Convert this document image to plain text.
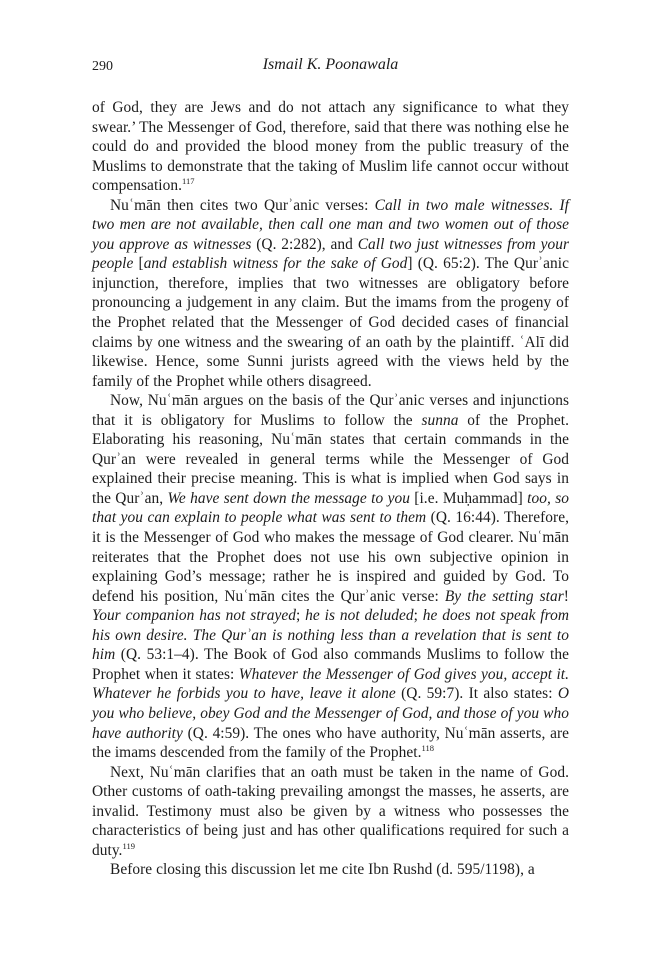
290	Ismail K. Poonawala

of God, they are Jews and do not attach any significance to what they swear.’ The Messenger of God, therefore, said that there was nothing else he could do and provided the blood money from the public treasury of the Muslims to demonstrate that the taking of Muslim life cannot occur without compensation.$^{117}$

Nuʿmān then cites two Qurʾanic verses: Call in two male witnesses. If two men are not available, then call one man and two women out of those you approve as witnesses (Q. 2:282), and Call two just witnesses from your people [and establish witness for the sake of God] (Q. 65:2). The Qurʾanic injunction, therefore, implies that two witnesses are obligatory before pronouncing a judgement in any claim. But the imams from the progeny of the Prophet related that the Messenger of God decided cases of financial claims by one witness and the swearing of an oath by the plaintiff. ʿAlī did likewise. Hence, some Sunni jurists agreed with the views held by the family of the Prophet while others disagreed.

Now, Nuʿmān argues on the basis of the Qurʾanic verses and injunctions that it is obligatory for Muslims to follow the sunna of the Prophet. Elaborating his reasoning, Nuʿmān states that certain commands in the Qurʾan were revealed in general terms while the Messenger of God explained their precise meaning. This is what is implied when God says in the Qurʾan, We have sent down the message to you [i.e. Muḥammad] too, so that you can explain to people what was sent to them (Q. 16:44). Therefore, it is the Messenger of God who makes the message of God clearer. Nuʿmān reiterates that the Prophet does not use his own subjective opinion in explaining God’s message; rather he is inspired and guided by God. To defend his position, Nuʿmān cites the Qurʾanic verse: By the setting star! Your companion has not strayed; he is not deluded; he does not speak from his own desire. The Qurʾan is nothing less than a revelation that is sent to him (Q. 53:1–4). The Book of God also commands Muslims to follow the Prophet when it states: Whatever the Messenger of God gives you, accept it. Whatever he forbids you to have, leave it alone (Q. 59:7). It also states: O you who believe, obey God and the Messenger of God, and those of you who have authority (Q. 4:59). The ones who have authority, Nuʿmān asserts, are the imams descended from the family of the Prophet.$^{118}$

Next, Nuʿmān clarifies that an oath must be taken in the name of God. Other customs of oath-taking prevailing amongst the masses, he asserts, are invalid. Testimony must also be given by a witness who possesses the characteristics of being just and has other qualifications required for such a duty.$^{119}$

Before closing this discussion let me cite Ibn Rushd (d. 595/1198), a
